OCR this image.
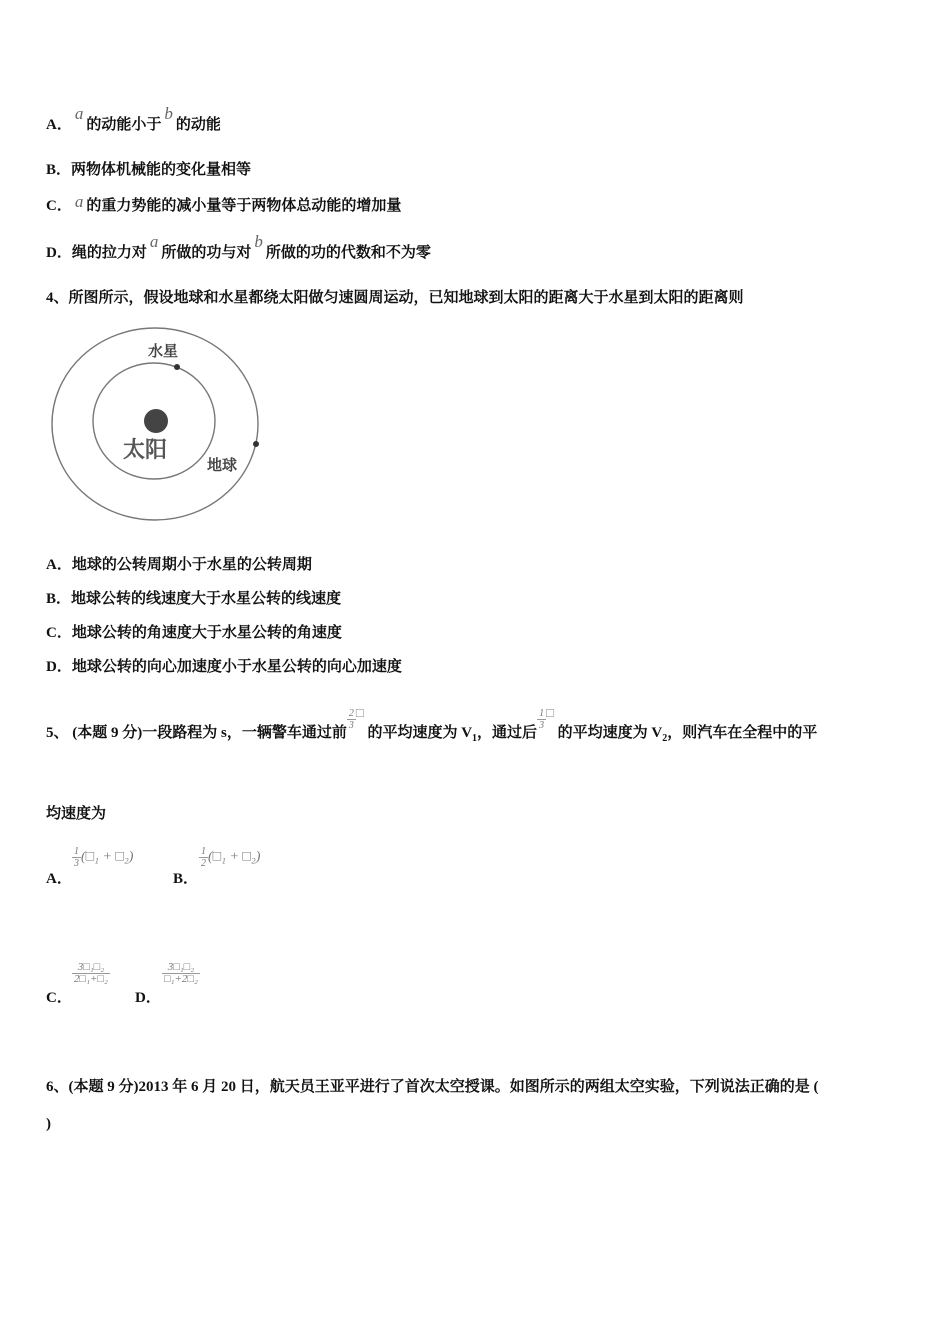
A．a的动能小于b的动能
B．两物体机械能的变化量相等
C． a 的重力势能的减小量等于两物体总动能的增加量
D．绳的拉力对a所做的功与对b所做的功的代数和不为零
4、所图所示，假设地球和水星都绕太阳做匀速圆周运动，已知地球到太阳的距离大于水星到太阳的距离则
水星
太阳
地球
A．地球的公转周期小于水星的公转周期
B．地球公转的线速度大于水星公转的线速度
C．地球公转的角速度大于水星公转的角速度
D．地球公转的向心加速度小于水星公转的向心加速度
5、 (本题 9 分)一段路程为 s，一辆警车通过前
$\frac{2}{3}$ □ 的平均速度为 $V_1$，通过后
$\frac{1}{3}$ □ 的平均速度为 $V_2$，则汽车在全程中的平
均速度为
A．
$\frac{1}{3}$ (□₁ + □₂)
B．
$\frac{1}{2}$ (□₁ + □₂)
C．
$\frac{\text{3□₁□₂}}{\text{2□₁+□₂}}$
D．
$\frac{\text{3□₁□₂}}{\text{□₁+2□₂}}$
6、(本题 9 分)2013 年 6 月 20 日，航天员王亚平进行了首次太空授课。如图所示的两组太空实验，下列说法正确的是 (
)
